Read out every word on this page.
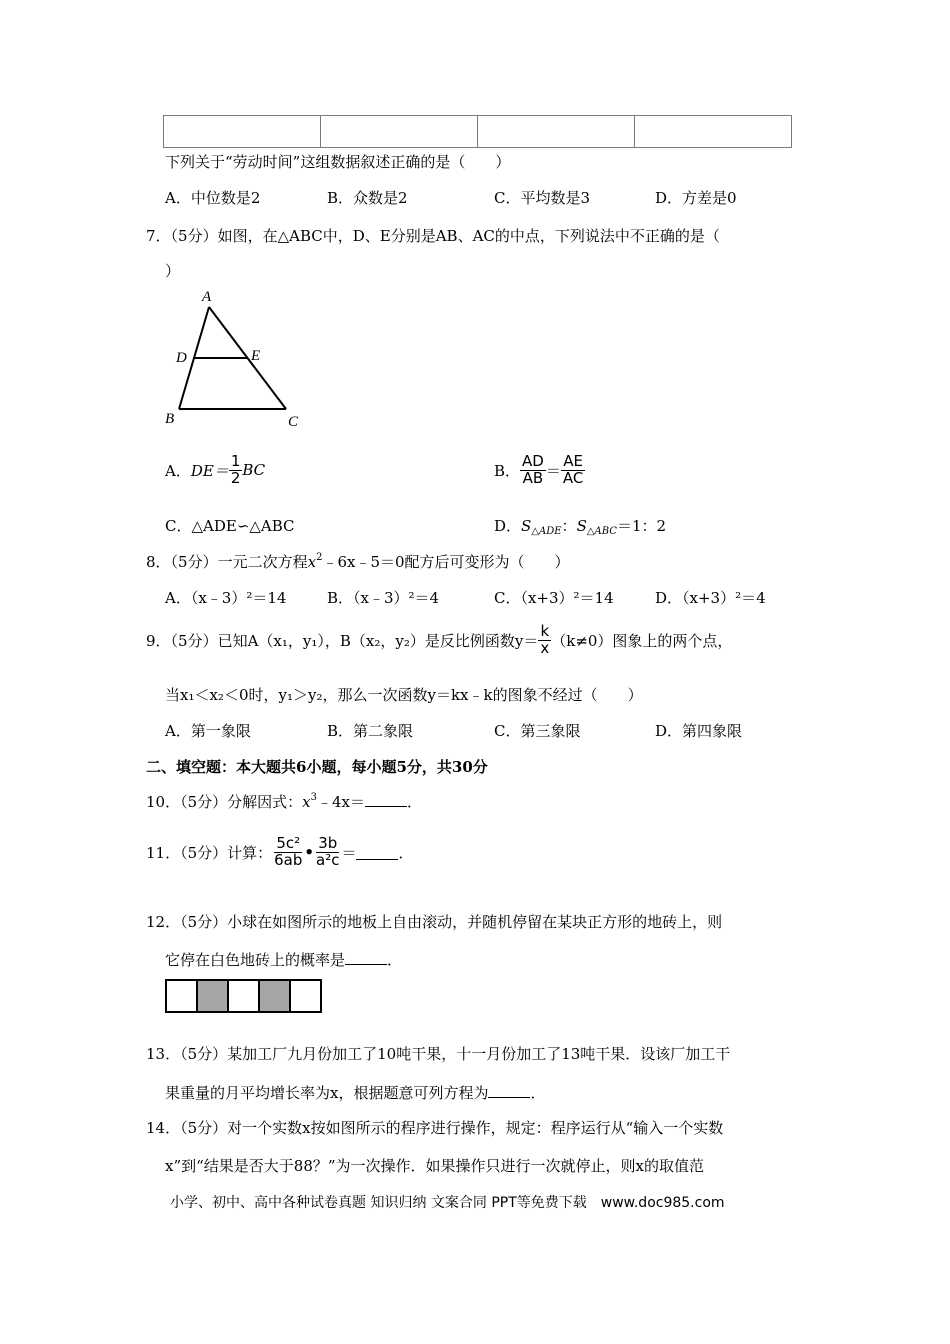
下列关于“劳动时间”这组数据叙述正确的是（　　）
A．中位数是2	B．众数是2	C．平均数是3	D．方差是0
7．（5分）如图，在△ABC中，D、E分别是AB、AC的中点，下列说法中不正确的是（
）
A
D	E
B	C
A． $DE= \frac{1}{2}$ BC	B． $\frac{AD}{AB} = \frac{AE}{AC}$
C．△ADE∽△ABC	D．$S_{\triangle ADE}$：$S_{\triangle ABC}=1$：2
8．（5分）一元二次方程$x^2﹣6x﹣5=0$配方后可变形为（　　）
A．（x﹣3）²＝14	B．（x﹣3）²＝4	C．（x+3）²＝14	D．（x+3）²＝4
9．（5分）已知A（x₁，y₁），B（x₂，y₂）是反比例函数$y= \frac{k}{x} (k\ne 0)$图象上的两个点，
当x₁＜x₂＜0时，y₁＞y₂，那么一次函数y＝kx﹣k的图象不经过（　　）
A．第一象限	B．第二象限	C．第三象限	D．第四象限
二、填空题：本大题共6小题，每小题5分，共30分
10．（5分）分解因式：$x^3﹣4x=$	．
11．（5分）计算： $\frac{\text{5c²}}{6ab}$ • $\frac{3b}{\text{a²c}}$ ＝	．
12．（5分）小球在如图所示的地板上自由滚动，并随机停留在某块正方形的地砖上，则
它停在白色地砖上的概率是	．
13．（5分）某加工厂九月份加工了10吨干果，十一月份加工了13吨干果．设该厂加工干
果重量的月平均增长率为x，根据题意可列方程为	．
14．（5分）对一个实数x按如图所示的程序进行操作，规定：程序运行从“输入一个实数
x”到“结果是否大于88？”为一次操作．如果操作只进行一次就停止，则x的取值范
小学、初中、高中各种试卷真题 知识归纳 文案合同 PPT等免费下载　www.doc985.com
